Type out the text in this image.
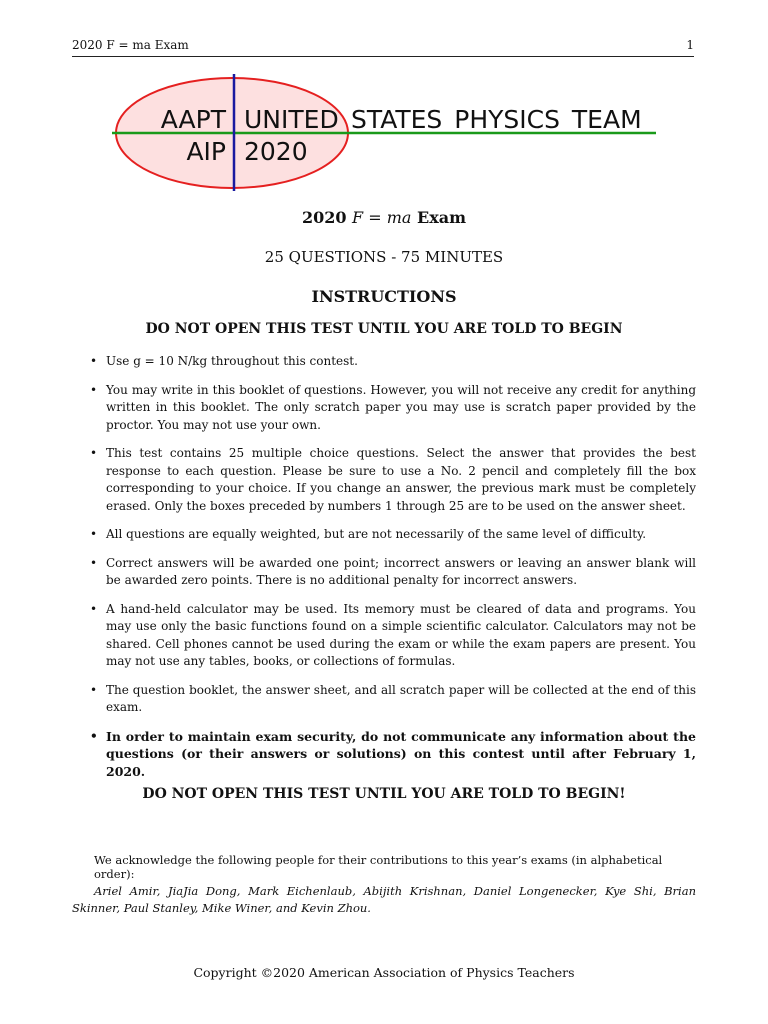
2020 F = ma Exam	1
AAPT
AIP
UNITED
2020
STATES PHYSICS TEAM
2020 F = ma Exam
25 QUESTIONS - 75 MINUTES
INSTRUCTIONS
DO NOT OPEN THIS TEST UNTIL YOU ARE TOLD TO BEGIN
• Use g = 10 N/kg throughout this contest.
• You may write in this booklet of questions. However, you will not receive any credit for anything written in this booklet. The only scratch paper you may use is scratch paper provided by the proctor. You may not use your own.
• This test contains 25 multiple choice questions. Select the answer that provides the best response to each question. Please be sure to use a No. 2 pencil and completely fill the box corresponding to your choice. If you change an answer, the previous mark must be completely erased. Only the boxes preceded by numbers 1 through 25 are to be used on the answer sheet.
• All questions are equally weighted, but are not necessarily of the same level of difficulty.
• Correct answers will be awarded one point; incorrect answers or leaving an answer blank will be awarded zero points. There is no additional penalty for incorrect answers.
• A hand-held calculator may be used. Its memory must be cleared of data and programs. You may use only the basic functions found on a simple scientific calculator. Calculators may not be shared. Cell phones cannot be used during the exam or while the exam papers are present. You may not use any tables, books, or collections of formulas.
• The question booklet, the answer sheet, and all scratch paper will be collected at the end of this exam.
• In order to maintain exam security, do not communicate any information about the questions (or their answers or solutions) on this contest until after February 1, 2020.
DO NOT OPEN THIS TEST UNTIL YOU ARE TOLD TO BEGIN!
We acknowledge the following people for their contributions to this year’s exams (in alphabetical order):
Ariel Amir, JiaJia Dong, Mark Eichenlaub, Abijith Krishnan, Daniel Longenecker, Kye Shi, Brian Skinner, Paul Stanley, Mike Winer, and Kevin Zhou.
Copyright ©2020 American Association of Physics Teachers
